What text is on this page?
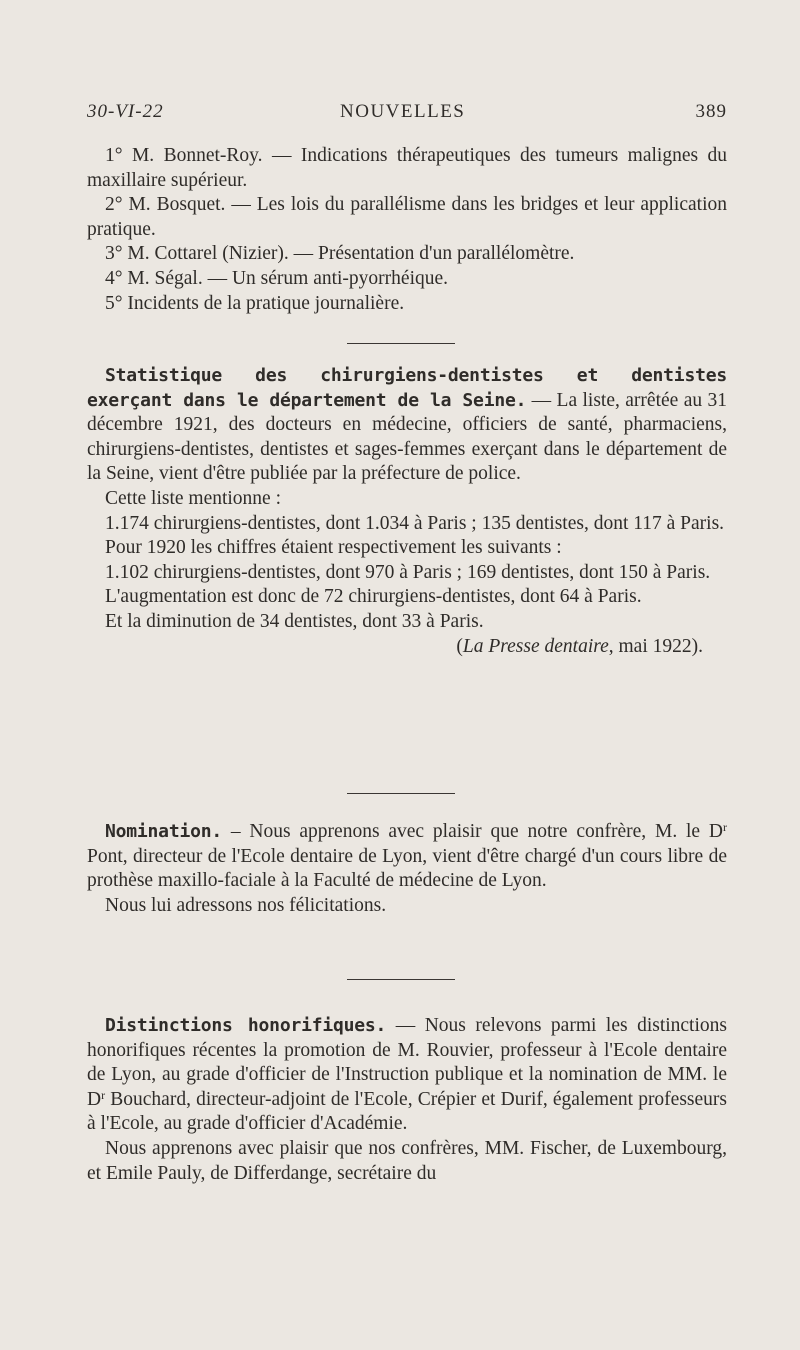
30-VI-22	NOUVELLES	389

1° M. Bonnet-Roy. — Indications thérapeutiques des tumeurs malignes du maxillaire supérieur.

2° M. Bosquet. — Les lois du parallélisme dans les bridges et leur application pratique.

3° M. Cottarel (Nizier). — Présentation d'un parallélomètre.

4° M. Ségal. — Un sérum anti-pyorrhéique.

5° Incidents de la pratique journalière.

Statistique des chirurgiens-dentistes et dentistes exerçant dans le département de la Seine. — La liste, arrêtée au 31 décembre 1921, des docteurs en médecine, officiers de santé, pharmaciens, chirurgiens-dentistes, dentistes et sages-femmes exerçant dans le département de la Seine, vient d'être publiée par la préfecture de police.

Cette liste mentionne :

1.174 chirurgiens-dentistes, dont 1.034 à Paris ; 135 dentistes, dont 117 à Paris.

Pour 1920 les chiffres étaient respectivement les suivants :

1.102 chirurgiens-dentistes, dont 970 à Paris ; 169 dentistes, dont 150 à Paris.

L'augmentation est donc de 72 chirurgiens-dentistes, dont 64 à Paris.

Et la diminution de 34 dentistes, dont 33 à Paris.

(La Presse dentaire, mai 1922).

Nomination. – Nous apprenons avec plaisir que notre confrère, M. le $D^r$ Pont, directeur de l'Ecole dentaire de Lyon, vient d'être chargé d'un cours libre de prothèse maxillo-faciale à la Faculté de médecine de Lyon.

Nous lui adressons nos félicitations.

Distinctions honorifiques. — Nous relevons parmi les distinctions honorifiques récentes la promotion de M. Rouvier, professeur à l'Ecole dentaire de Lyon, au grade d'officier de l'Instruction publique et la nomination de MM. le $D^r$ Bouchard, directeur-adjoint de l'Ecole, Crépier et Durif, également professeurs à l'Ecole, au grade d'officier d'Académie.

Nous apprenons avec plaisir que nos confrères, MM. Fischer, de Luxembourg, et Emile Pauly, de Differdange, secrétaire du
